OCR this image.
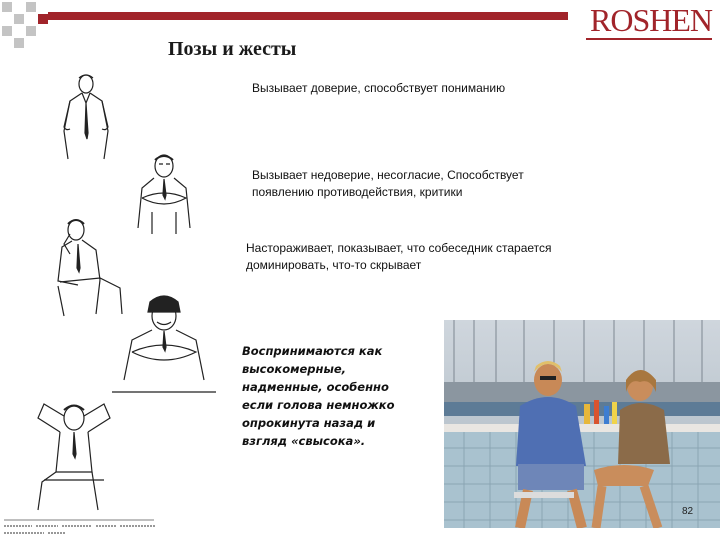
ROSHEN
Позы и жесты
Вызывает доверие, способствует пониманию
Вызывает недоверие, несогласие, Способствует появлению противодействия, критики
Настораживает, показывает, что собеседник старается доминировать, что-то скрывает
Воспринимаются как высокомерные, надменные, особенно если голова немножко опрокинута назад и взгляд «свысока».
82
